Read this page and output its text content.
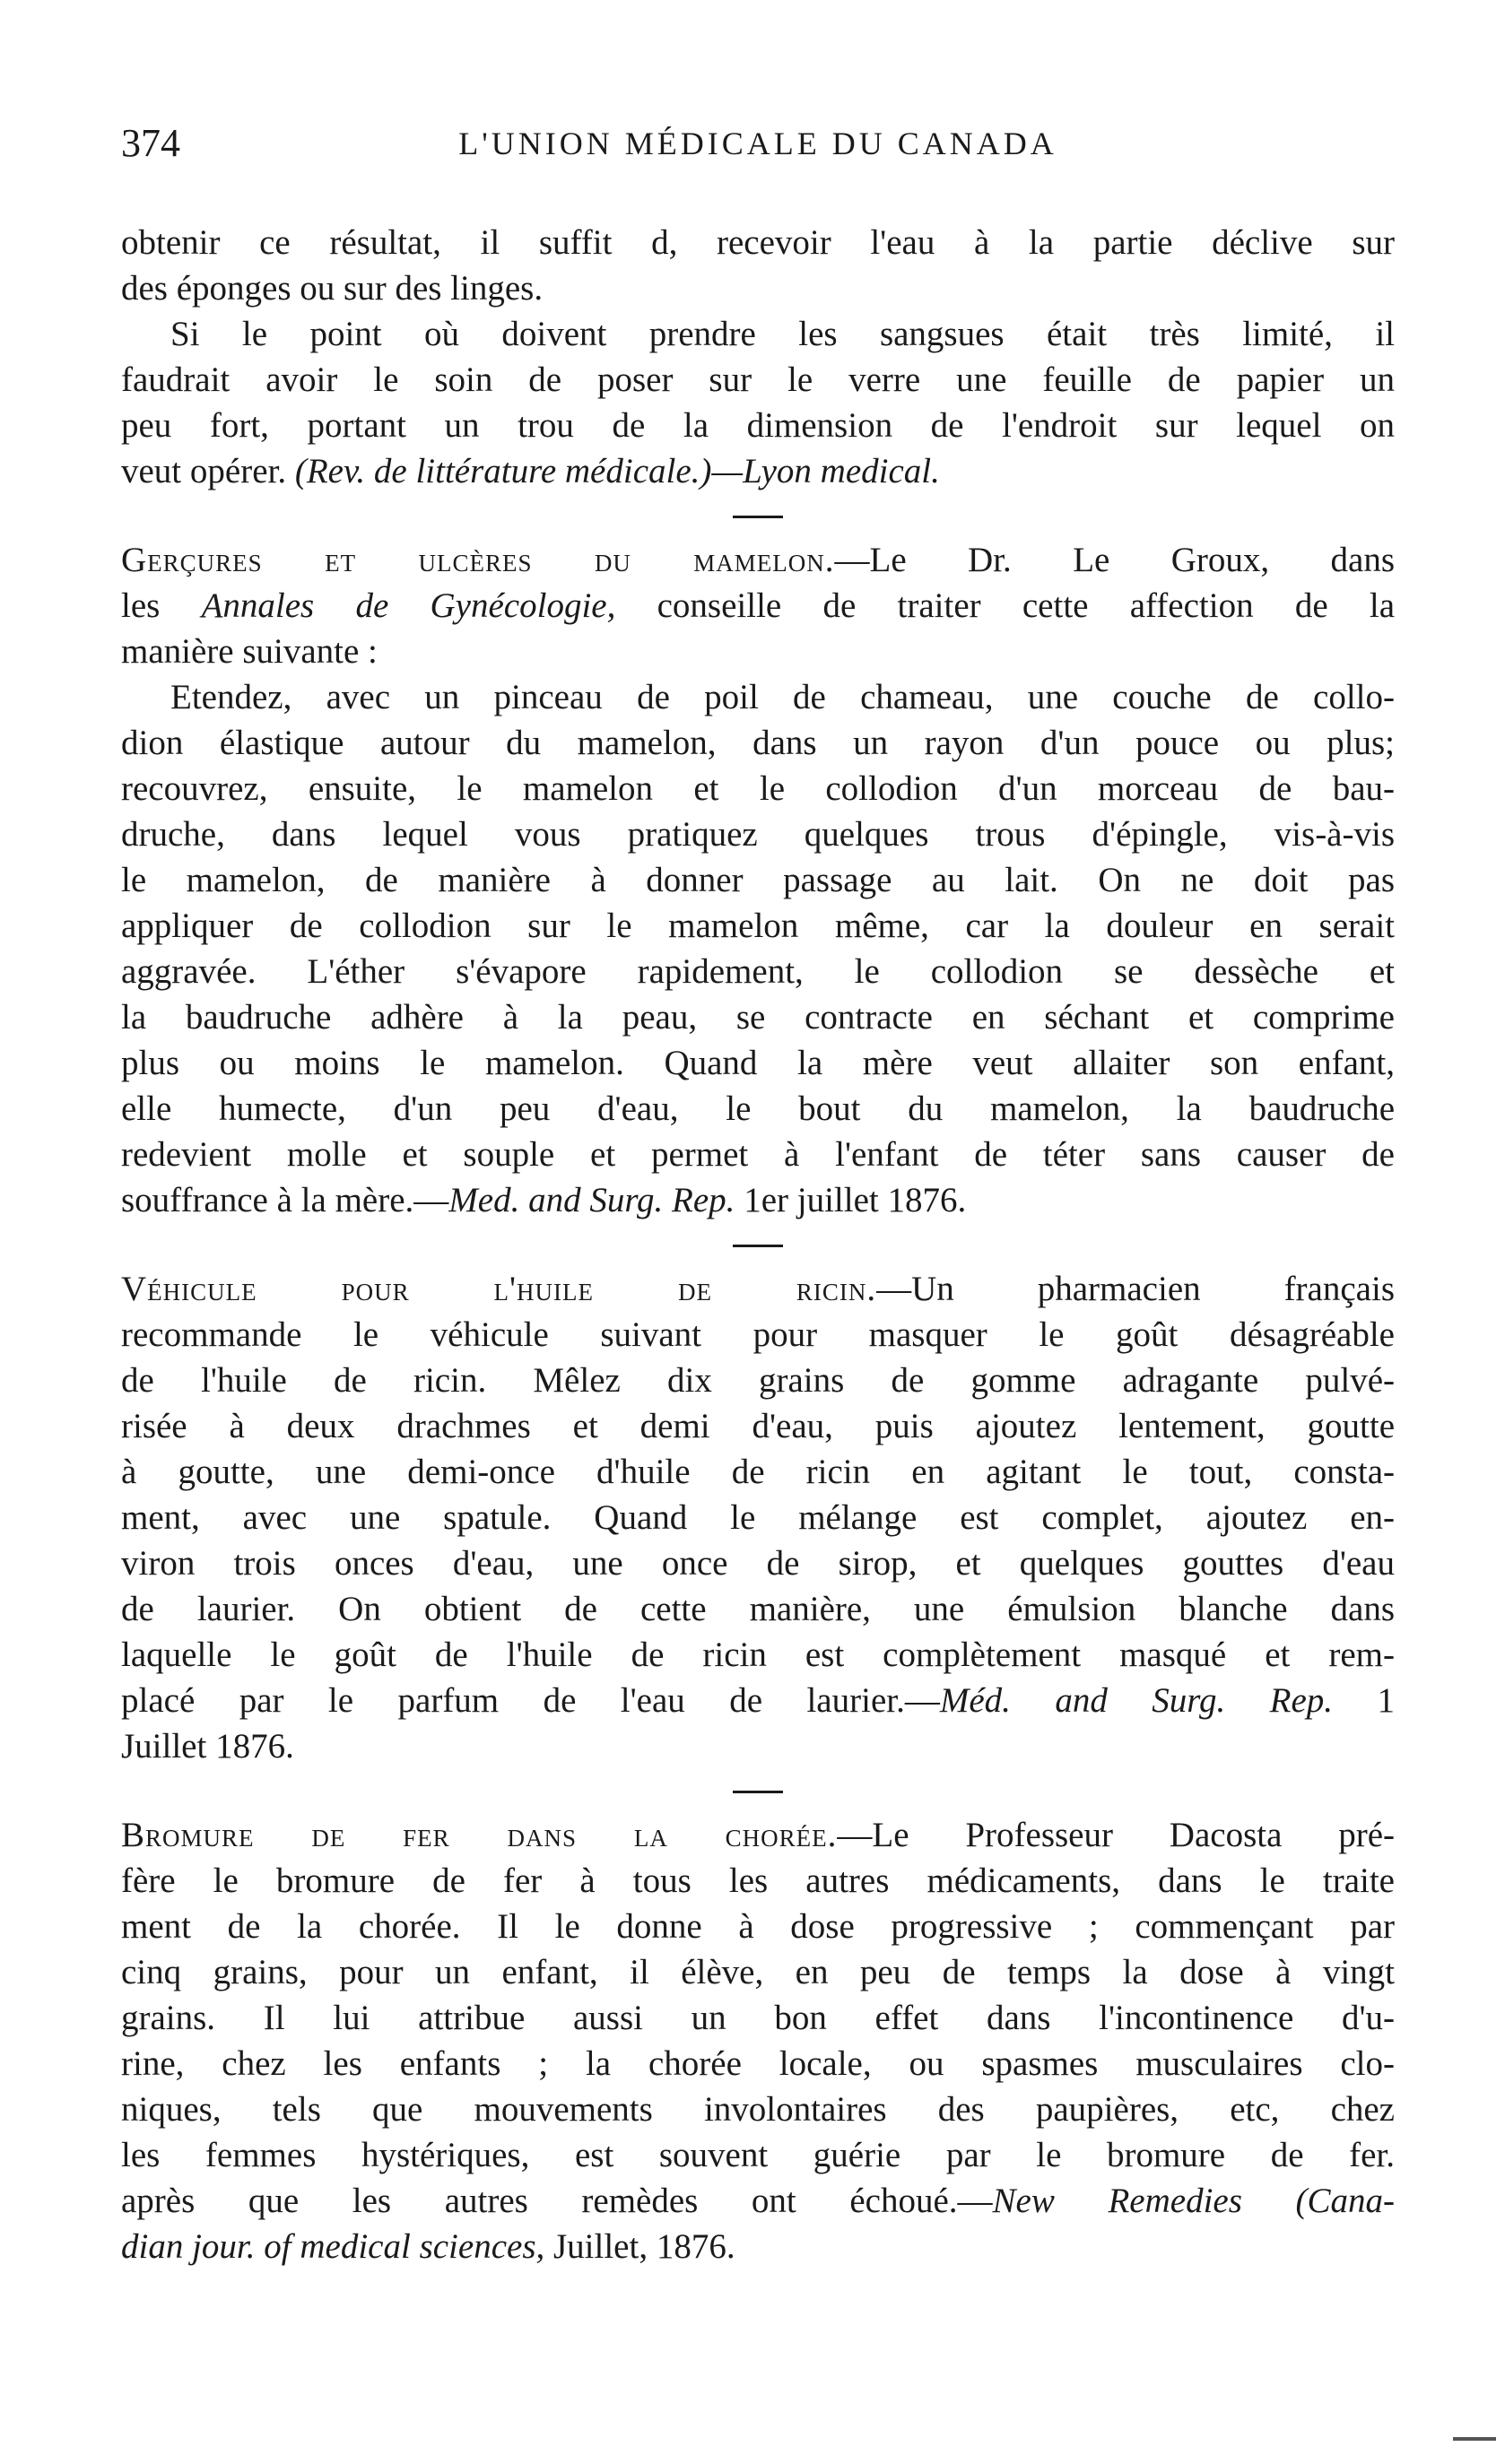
374	L'UNION MÉDICALE DU CANADA
obtenir ce résultat, il suffit d, recevoir l'eau à la partie déclive sur
des éponges ou sur des linges.
Si le point où doivent prendre les sangsues était très limité, il
faudrait avoir le soin de poser sur le verre une feuille de papier un
peu fort, portant un trou de la dimension de l'endroit sur lequel on
veut opérer. (Rev. de littérature médicale.)—Lyon medical.
Gerçures et ulcères du mamelon.—Le Dr. Le Groux, dans
les Annales de Gynécologie, conseille de traiter cette affection de la
manière suivante :
Etendez, avec un pinceau de poil de chameau, une couche de collo-
dion élastique autour du mamelon, dans un rayon d'un pouce ou plus;
recouvrez, ensuite, le mamelon et le collodion d'un morceau de bau-
druche, dans lequel vous pratiquez quelques trous d'épingle, vis-à-vis
le mamelon, de manière à donner passage au lait. On ne doit pas
appliquer de collodion sur le mamelon même, car la douleur en serait
aggravée. L'éther s'évapore rapidement, le collodion se dessèche et
la baudruche adhère à la peau, se contracte en séchant et comprime
plus ou moins le mamelon. Quand la mère veut allaiter son enfant,
elle humecte, d'un peu d'eau, le bout du mamelon, la baudruche
redevient molle et souple et permet à l'enfant de téter sans causer de
souffrance à la mère.—Med. and Surg. Rep. 1er juillet 1876.
Véhicule pour l'huile de ricin.—Un pharmacien français
recommande le véhicule suivant pour masquer le goût désagréable
de l'huile de ricin. Mêlez dix grains de gomme adragante pulvé-
risée à deux drachmes et demi d'eau, puis ajoutez lentement, goutte
à goutte, une demi-once d'huile de ricin en agitant le tout, consta-
ment, avec une spatule. Quand le mélange est complet, ajoutez en-
viron trois onces d'eau, une once de sirop, et quelques gouttes d'eau
de laurier. On obtient de cette manière, une émulsion blanche dans
laquelle le goût de l'huile de ricin est complètement masqué et rem-
placé par le parfum de l'eau de laurier.—Méd. and Surg. Rep. 1
Juillet 1876.
Bromure de fer dans la chorée.—Le Professeur Dacosta pré-
fère le bromure de fer à tous les autres médicaments, dans le traite
ment de la chorée. Il le donne à dose progressive ; commençant par
cinq grains, pour un enfant, il élève, en peu de temps la dose à vingt
grains. Il lui attribue aussi un bon effet dans l'incontinence d'u-
rine, chez les enfants ; la chorée locale, ou spasmes musculaires clo-
niques, tels que mouvements involontaires des paupières, etc, chez
les femmes hystériques, est souvent guérie par le bromure de fer.
après que les autres remèdes ont échoué.—New Remedies (Cana-
dian jour. of medical sciences, Juillet, 1876.
